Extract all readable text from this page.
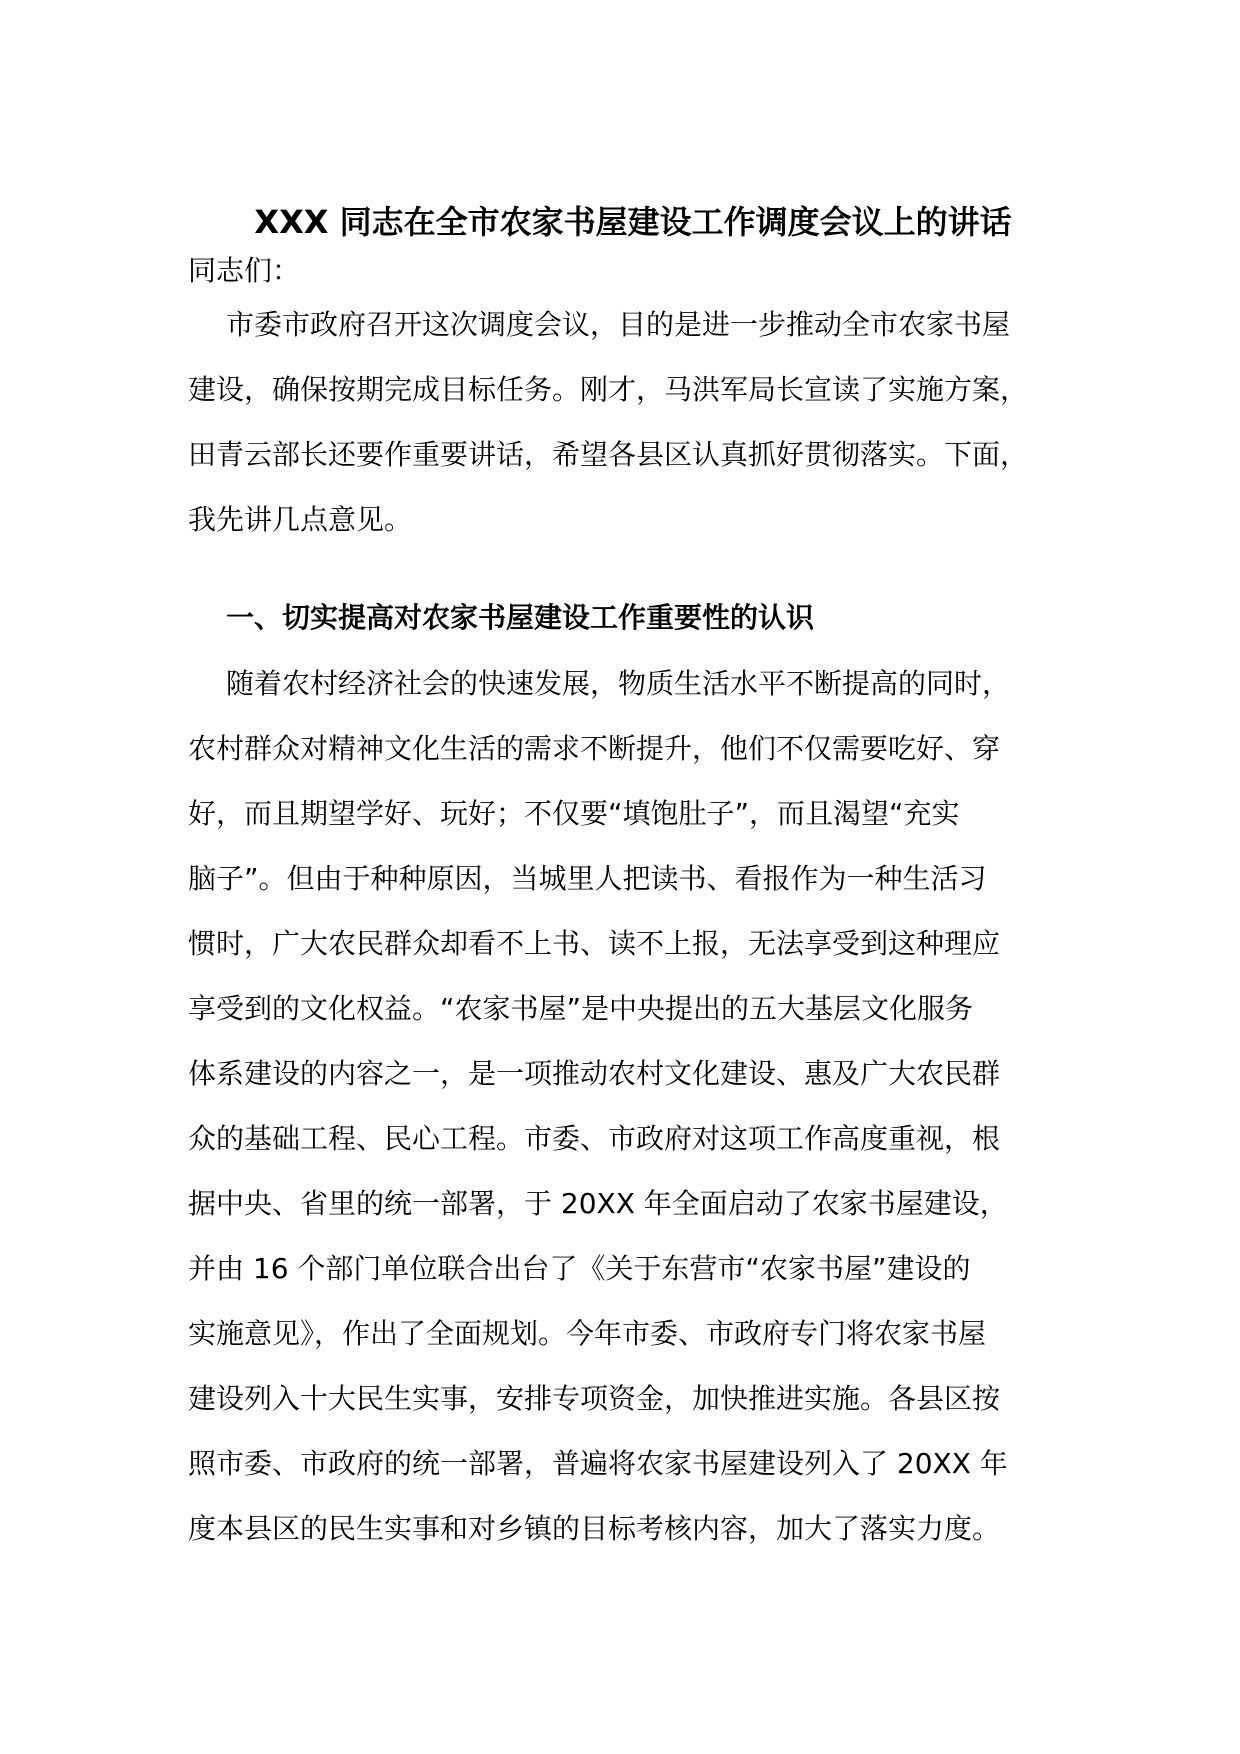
XXX 同志在全市农家书屋建设工作调度会议上的讲话
同志们：
市委市政府召开这次调度会议，目的是进一步推动全市农家书屋
建设，确保按期完成目标任务。刚才，马洪军局长宣读了实施方案，
田青云部长还要作重要讲话，希望各县区认真抓好贯彻落实。下面，
我先讲几点意见。
一、切实提高对农家书屋建设工作重要性的认识
随着农村经济社会的快速发展，物质生活水平不断提高的同时，
农村群众对精神文化生活的需求不断提升，他们不仅需要吃好、穿
好，而且期望学好、玩好；不仅要“填饱肚子”，而且渴望“充实
脑子”。但由于种种原因，当城里人把读书、看报作为一种生活习
惯时，广大农民群众却看不上书、读不上报，无法享受到这种理应
享受到的文化权益。“农家书屋”是中央提出的五大基层文化服务
体系建设的内容之一，是一项推动农村文化建设、惠及广大农民群
众的基础工程、民心工程。市委、市政府对这项工作高度重视，根
据中央、省里的统一部署，于 20XX 年全面启动了农家书屋建设，
并由 16 个部门单位联合出台了《关于东营市“农家书屋”建设的
实施意见》，作出了全面规划。今年市委、市政府专门将农家书屋
建设列入十大民生实事，安排专项资金，加快推进实施。各县区按
照市委、市政府的统一部署，普遍将农家书屋建设列入了 20XX 年
度本县区的民生实事和对乡镇的目标考核内容，加大了落实力度。
